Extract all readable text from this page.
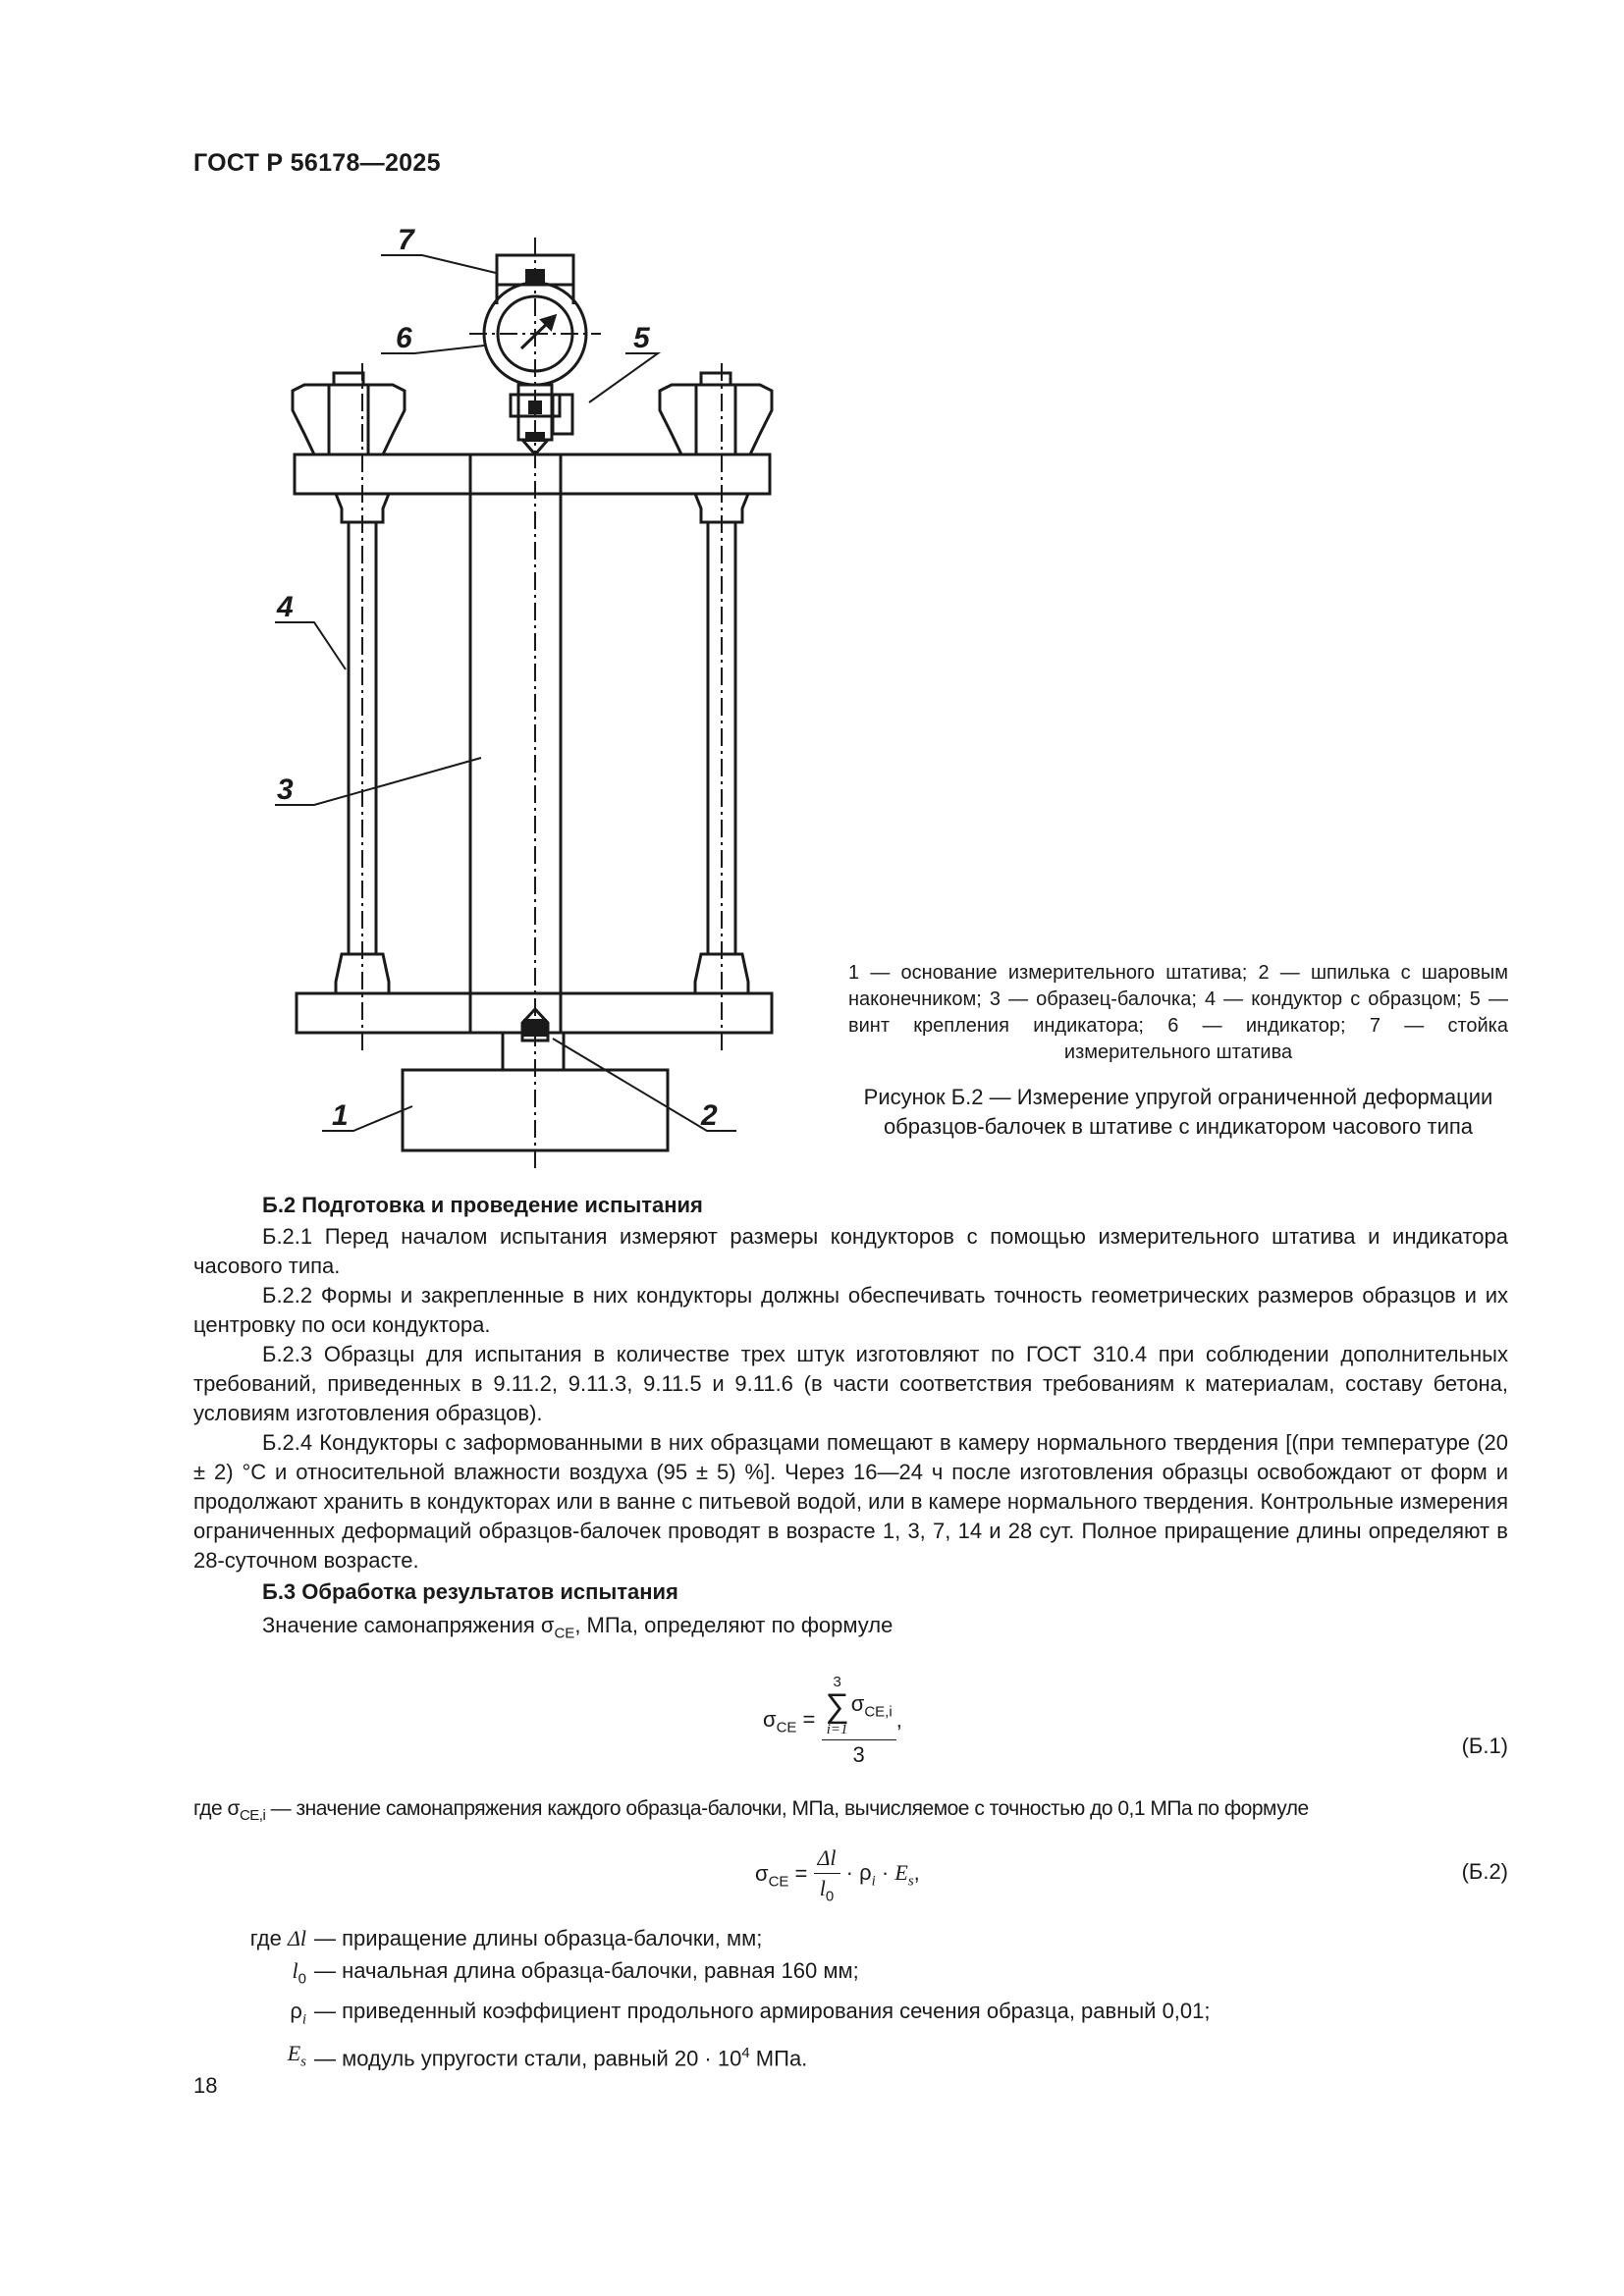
ГОСТ Р 56178—2025
7
6	5
4
3
1	2
1 — основание измерительного штатива; 2 — шпилька с шаровым наконечником; 3 — образец-балочка; 4 — кондуктор с образцом; 5 — винт крепления индикатора; 6 — индикатор; 7 — стойка измерительного штатива
Рисунок Б.2 — Измерение упругой ограниченной деформации образцов-балочек в штативе с индикатором часового типа

Б.2 Подготовка и проведение испытания

Б.2.1 Перед началом испытания измеряют размеры кондукторов с помощью измерительного штатива и индикатора часового типа.

Б.2.2 Формы и закрепленные в них кондукторы должны обеспечивать точность геометрических размеров образцов и их центровку по оси кондуктора.

Б.2.3 Образцы для испытания в количестве трех штук изготовляют по ГОСТ 310.4 при соблюдении дополнительных требований, приведенных в 9.11.2, 9.11.3, 9.11.5 и 9.11.6 (в части соответствия требованиям к материалам, составу бетона, условиям изготовления образцов).

Б.2.4 Кондукторы с заформованными в них образцами помещают в камеру нормального твердения [(при температуре (20 ± 2) °С и относительной влажности воздуха (95 ± 5) %]. Через 16—24 ч после изготовления образцы освобождают от форм и продолжают хранить в кондукторах или в ванне с питьевой водой, или в камере нормального твердения. Контрольные измерения ограниченных деформаций образцов-балочек проводят в возрасте 1, 3, 7, 14 и 28 сут. Полное приращение длины определяют в 28-суточном возрасте.

Б.3 Обработка результатов испытания

Значение самонапряжения $\sigma_{CE}$, МПа, определяют по формуле

$\sigma_{CE} = 3$
∑
i=1
$\sigma_{CE,i}$
3 ,
(Б.1)
где $\sigma_{CE,i}$ — значение самонапряжения каждого образца-балочки, МПа, вычисляемое с точностью до 0,1 МПа по формуле
$\sigma_{CE} = \frac{\Delta l}{l_0} \cdot \rho_i \cdot E_s$,	(Б.2)
где Δl — приращение длины образца-балочки, мм;
$l_0$ — начальная длина образца-балочки, равная 160 мм;
$\rho_i$ — приведенный коэффициент продольного армирования сечения образца, равный 0,01;
$E_s$ — модуль упругости стали, равный $20 \cdot 10^4$ МПа.
18
